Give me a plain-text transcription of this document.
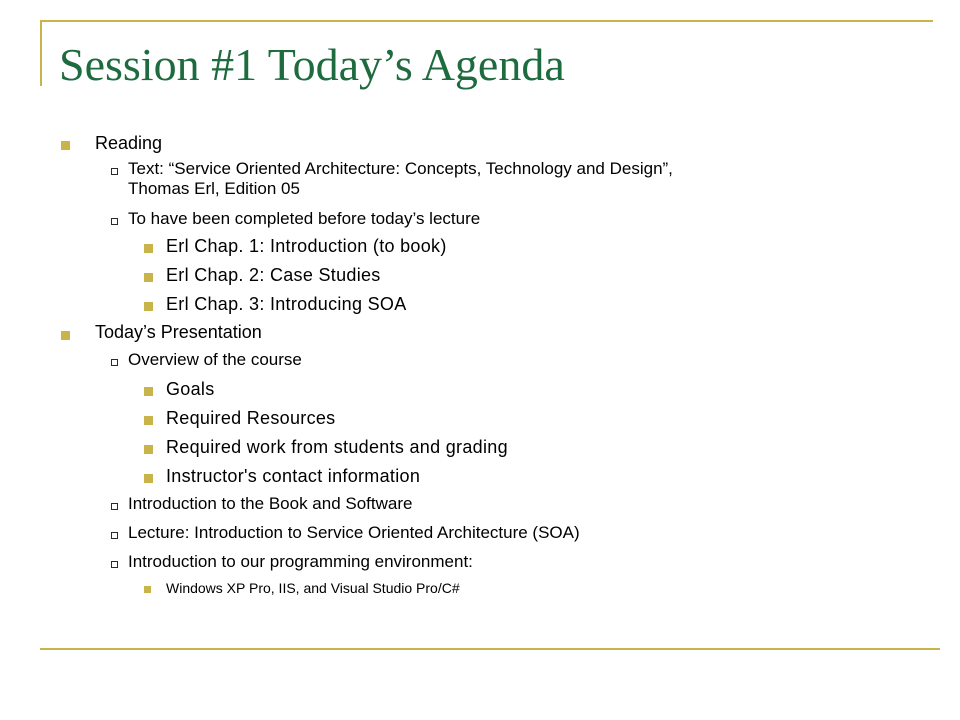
Session #1 Today’s Agenda
Reading
Text: “Service Oriented Architecture: Concepts, Technology and Design”,
Thomas Erl, Edition 05
To have been completed before today’s lecture
Erl Chap. 1: Introduction (to book)
Erl Chap. 2: Case Studies
Erl Chap. 3: Introducing SOA
Today’s Presentation
Overview of the course
Goals
Required Resources
Required work from students and grading
Instructor's contact information
Introduction to the Book and Software
Lecture: Introduction to Service Oriented Architecture (SOA)
Introduction to our programming environment:
Windows XP Pro, IIS, and Visual Studio Pro/C#
